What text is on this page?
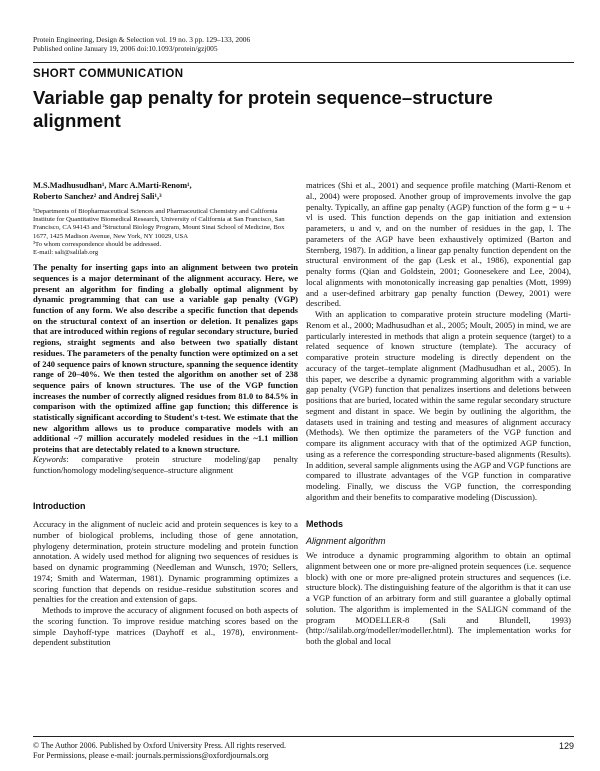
Protein Engineering, Design & Selection vol. 19 no. 3 pp. 129–133, 2006
Published online January 19, 2006 doi:10.1093/protein/gzj005
SHORT COMMUNICATION
Variable gap penalty for protein sequence–structure alignment
M.S.Madhusudhan¹, Marc A.Marti-Renom¹,
Roberto Sanchez² and Andrej Sali¹,³

¹Departments of Biopharmaceutical Sciences and Pharmaceutical Chemistry and California Institute for Quantitative Biomedical Research, University of California at San Francisco, San Francisco, CA 94143 and ²Structural Biology Program, Mount Sinai School of Medicine, Box 1677, 1425 Madison Avenue, New York, NY 10029, USA

³To whom correspondence should be addressed.
E-mail: sali@salilab.org

The penalty for inserting gaps into an alignment between two protein sequences is a major determinant of the alignment accuracy. Here, we present an algorithm for finding a globally optimal alignment by dynamic programming that can use a variable gap penalty (VGP) function of any form. We also describe a specific function that depends on the structural context of an insertion or deletion. It penalizes gaps that are introduced within regions of regular secondary structure, buried regions, straight segments and also between two spatially distant residues. The parameters of the penalty function were optimized on a set of 240 sequence pairs of known structure, spanning the sequence identity range of 20–40%. We then tested the algorithm on another set of 238 sequence pairs of known structures. The use of the VGP function increases the number of correctly aligned residues from 81.0 to 84.5% in comparison with the optimized affine gap function; this difference is statistically significant according to Student's t-test. We estimate that the new algorithm allows us to produce comparative models with an additional ~7 million accurately modeled residues in the ~1.1 million proteins that are detectably related to a known structure.

Keywords: comparative protein structure modeling/gap penalty function/homology modeling/sequence–structure alignment

Introduction

Accuracy in the alignment of nucleic acid and protein sequences is key to a number of biological problems, including those of gene annotation, phylogeny determination, protein structure modeling and protein function annotation. A widely used method for aligning two sequences of residues is based on dynamic programming (Needleman and Wunsch, 1970; Sellers, 1974; Smith and Waterman, 1981). Dynamic programming optimizes a scoring function that depends on residue–residue substitution scores and penalties for the creation and extension of gaps.

Methods to improve the accuracy of alignment focused on both aspects of the scoring function. To improve residue matching scores based on the simple Dayhoff-type matrices (Dayhoff et al., 1978), environment-dependent substitution

matrices (Shi et al., 2001) and sequence profile matching (Marti-Renom et al., 2004) were proposed. Another group of improvements involve the gap penalty. Typically, an affine gap penalty (AGP) function of the form g = u + vl is used. This function depends on the gap initiation and extension parameters, u and v, and on the number of residues in the gap, l. The parameters of the AGP have been exhaustively optimized (Barton and Sternberg, 1987). In addition, a linear gap penalty function dependent on the structural environment of the gap (Lesk et al., 1986), exponential gap penalty forms (Qian and Goldstein, 2001; Goonesekere and Lee, 2004), local alignments with monotonically increasing gap penalties (Mott, 1999) and a user-defined arbitrary gap penalty function (Dewey, 2001) were described.

With an application to comparative protein structure modeling (Marti-Renom et al., 2000; Madhusudhan et al., 2005; Moult, 2005) in mind, we are particularly interested in methods that align a protein sequence (target) to a related sequence of known structure (template). The accuracy of comparative protein structure modeling is directly dependent on the accuracy of the target–template alignment (Madhusudhan et al., 2005). In this paper, we describe a dynamic programming algorithm with a variable gap penalty (VGP) function that penalizes insertions and deletions between positions that are buried, located within the same regular secondary structure segment and distant in space. We begin by outlining the algorithm, the datasets used in training and testing and measures of alignment accuracy (Methods). We then optimize the parameters of the VGP function and compare its alignment accuracy with that of the optimized AGP function, using as a reference the corresponding structure-based alignments (Results). In addition, several sample alignments using the AGP and VGP functions are compared to illustrate advantages of the VGP function in comparative modeling. Finally, we discuss the VGP function, the corresponding algorithm and their benefits to comparative modeling (Discussion).

Methods

Alignment algorithm

We introduce a dynamic programming algorithm to obtain an optimal alignment between one or more pre-aligned protein sequences (i.e. sequence block) with one or more pre-aligned protein structures and sequences (i.e. structure block). The distinguishing feature of the algorithm is that it can use a VGP function of an arbitrary form and still guarantee a globally optimal solution. The algorithm is implemented in the SALIGN command of the program MODELLER-8 (Sali and Blundell, 1993) (http://salilab.org/modeller/modeller.html). The implementation works for both the global and local

© The Author 2006. Published by Oxford University Press. All rights reserved.
For Permissions, please e-mail: journals.permissions@oxfordjournals.org
129
